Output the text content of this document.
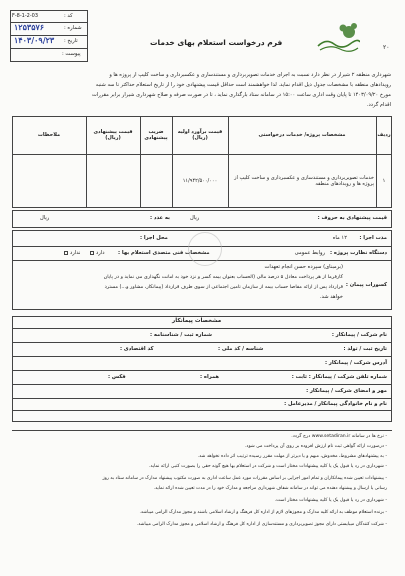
F-8-1-2-03	کد :
شماره :
۱۲۵۳۵۷۶
تاریخ :
۱۴۰۳/۰۹/۲۳
پیوست :
فرم درخواست استعلام بهای خدمات
۲۰
شهرداری منطقه ۲ شیراز در نظر دارد نسبت به اجرای خدمات تصویربرداری و مستندسازی و عکسبرداری و ساخت کلیپ از پروژه ها و
رویدادهای منطقه با مشخصات جدول ذیل اقدام نماید. لذا خواهشمند است حداقل قیمت پیشنهادی خود را از تاریخ استعلام حداکثر تا سه شنبه
مورخ ۱۴۰۳/۰۹/۲۰ تا پایان وقت اداری ساعت ۱۵:۰۰ در سامانه ستاد بارگذاری نماید ، تا در صورت صرفه و صلاح شهرداری شیراز برابر مقررات
اقدام گردد.
ردیف
مشخصات پروژه/ خدمات درخواستی
قیمت برآورد اولیه (ریال)
ضریب پیشنهادی
قیمت پیشنهادی (ریال)
ملاحظات
۱
خدمات تصویربرداری و مستندسازی و عکسبرداری و ساخت کلیپ از پروژه ها و رویدادهای منطقه
۱۱/۹۴۲/۵۰۰/۰۰۰
قیمت پیشنهادی به حروف :
ریال
به عدد :
ریال
مدت اجرا :
۱۲ ماه
محل اجرا :
دستگاه نظارت پروژه :
روابط عمومی
مشخصات فنی متصدی استعلام بها :
دارد
ندارد
کسورات پیمان :
(برمبنای) سپرده حسن انجام تعهدات
کارفرما از هر پرداخت معادل ۵ درصد مالی (الحساب بعنوان بیمه کسر و نزد خود به امانت نگهداری می نماید و در پایان
قرارداد پس از ارائه مفاصا حساب بیمه از سازمان تامین اجتماعی از سوی طرف قرارداد (پیمانکار، مشاور و...) مسترد
خواهد شد.
مشخصات پیمانکار
نام شرکت / پیمانکار :
شماره ثبت / شناسنامه :
تاریخ ثبت / تولد :
شناسه / کد ملی :
کد اقتصادی :
آدرس شرکت / پیمانکار :
شماره تلفن شرکت / پیمانکار : ثابت :
همراه :
فکس :
مهر و امضای شرکت / پیمانکار :
نام و نام خانوادگی پیمانکار / مدیرعامل :
- نرخ ها در سامانه www.setadiran.ir درج گردد.
- درصورت ارائه گواهی ثبت نام ارزش افزوده بر روی آن پرداخت می شود.
- به پیشنهادهای مشروط، مخدوش، مبهم و یا دیرتر از مهلت مقرر رسیده ترتیب اثر داده نخواهد شد.
- شهرداری در رد یا قبول یک یا کلیه پیشنهادات مختار است و شرکت در استعلام بها هیچ گونه حقی را بصورت کتبی ارائه نماید.
- پیشنهادات تعیین شده پیمانکاران و تمام امور اجرایی بر اساس مقررات مورد عمل ساعت اداری به صورت مکتوب پیشنهاد مدارک در سامانه ستاد به روز
رسانی یا ارسال و پیشنهاد دهنده می تواند در سامانه شفاف شهرداری مراجعه و مدارک خود را در مدت تعیین شده ارائه نماید.
- شهرداری در رد یا قبول یک یا کلیه پیشنهادات مختار است.
- برنده استعلام موظف به ارائه کلیه مدارک و مجوزهای لازم از اداره کل فرهنگ و ارشاد اسلامی باشند و مجوز مدارک الزامی میباشد.
- شرکت کنندگان میبایستی دارای مجوز تصویربرداری و مستندسازی از اداره کل فرهنگ و ارشاد اسلامی و مجوز مدارک الزامی میباشد.
